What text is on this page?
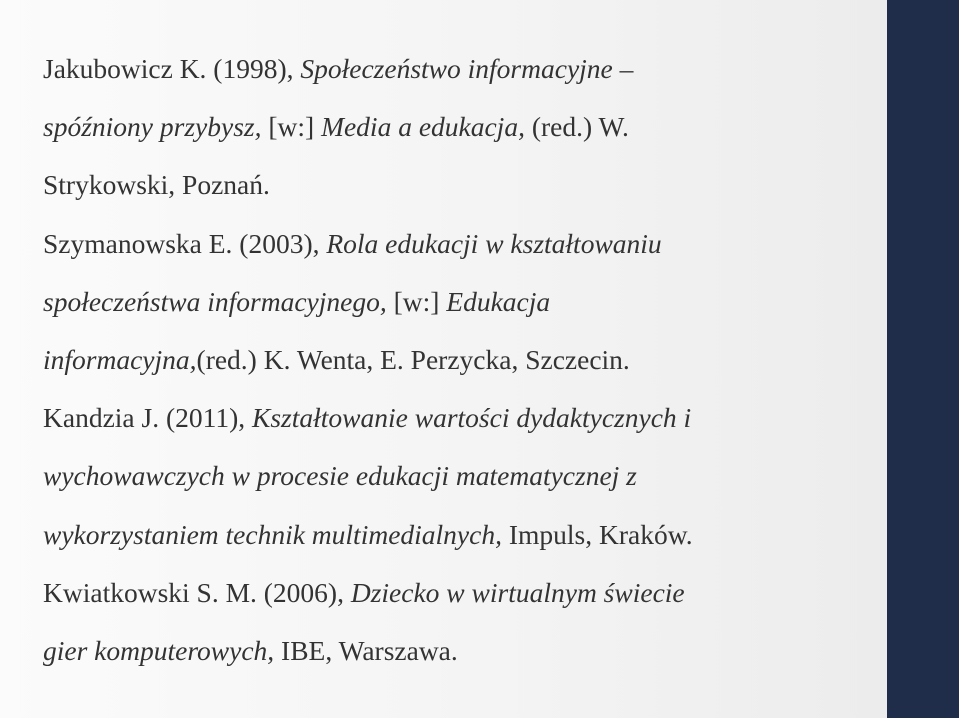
Jakubowicz K. (1998), Społeczeństwo informacyjne –
spóźniony przybysz, [w:] Media a edukacja, (red.) W.
Strykowski, Poznań.
Szymanowska E. (2003), Rola edukacji w kształtowaniu
społeczeństwa informacyjnego, [w:] Edukacja
informacyjna,(red.) K. Wenta, E. Perzycka, Szczecin.
Kandzia J. (2011), Kształtowanie wartości dydaktycznych i
wychowawczych w procesie edukacji matematycznej z
wykorzystaniem technik multimedialnych, Impuls, Kraków.
Kwiatkowski S. M. (2006), Dziecko w wirtualnym świecie
gier komputerowych, IBE, Warszawa.
